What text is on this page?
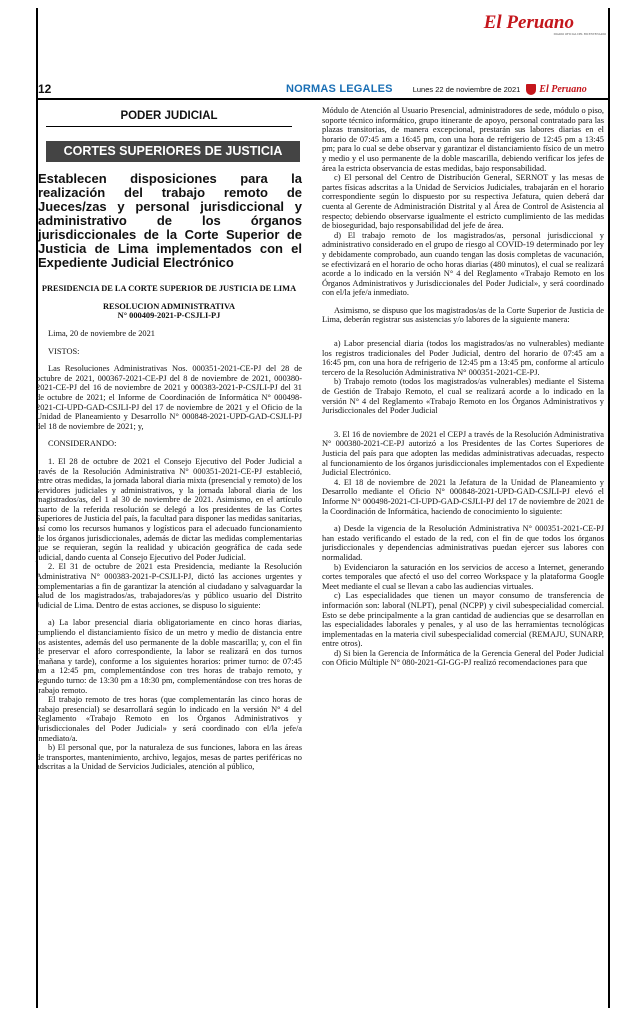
El Peruano
DIARIO OFICIAL DEL BICENTENARIO
12	NORMAS LEGALES	Lunes 22 de noviembre de 2021 El Peruano
PODER JUDICIAL
CORTES SUPERIORES DE JUSTICIA
Establecen disposiciones para la realización del trabajo remoto de Jueces/zas y personal jurisdiccional y administrativo de los órganos jurisdiccionales de la Corte Superior de Justicia de Lima implementados con el Expediente Judicial Electrónico
PRESIDENCIA DE LA CORTE SUPERIOR DE JUSTICIA DE LIMA
RESOLUCION ADMINISTRATIVA
N° 000409-2021-P-CSJLI-PJ
Lima, 20 de noviembre de 2021
VISTOS:
Las Resoluciones Administrativas Nos. 000351-2021-CE-PJ del 28 de octubre de 2021, 000367-2021-CE-PJ del 8 de noviembre de 2021, 000380-2021-CE-PJ del 16 de noviembre de 2021 y 000383-2021-P-CSJLI-PJ del 31 de octubre de 2021; el Informe de Coordinación de Informática N° 000498-2021-CI-UPD-GAD-CSJLI-PJ del 17 de noviembre de 2021 y el Oficio de la Unidad de Planeamiento y Desarrollo N° 000848-2021-UPD-GAD-CSJLI-PJ del 18 de noviembre de 2021; y,
CONSIDERANDO:
1. El 28 de octubre de 2021 el Consejo Ejecutivo del Poder Judicial a través de la Resolución Administrativa N° 000351-2021-CE-PJ estableció, entre otras medidas, la jornada laboral diaria mixta (presencial y remoto) de los servidores judiciales y administrativos, y la jornada laboral diaria de los magistrados/as, del 1 al 30 de noviembre de 2021. Asimismo, en el artículo cuarto de la referida resolución se delegó a los presidentes de las Cortes Superiores de Justicia del país, la facultad para disponer las medidas sanitarias, así como los recursos humanos y logísticos para el adecuado funcionamiento de los órganos jurisdiccionales, además de dictar las medidas complementarias que se requieran, según la realidad y ubicación geográfica de cada sede judicial, dando cuenta al Consejo Ejecutivo del Poder Judicial.
2. El 31 de octubre de 2021 esta Presidencia, mediante la Resolución Administrativa N° 000383-2021-P-CSJLI-PJ, dictó las acciones urgentes y complementarias a fin de garantizar la atención al ciudadano y salvaguardar la salud de los magistrados/as, trabajadores/as y público usuario del Distrito Judicial de Lima. Dentro de estas acciones, se dispuso lo siguiente:
a) La labor presencial diaria obligatoriamente en cinco horas diarias, cumpliendo el distanciamiento físico de un metro y medio de distancia entre los asistentes, además del uso permanente de la doble mascarilla; y, con el fin de preservar el aforo correspondiente, la labor se realizará en dos turnos (mañana y tarde), conforme a los siguientes horarios: primer turno: de 07:45 am a 12:45 pm, complementándose con tres horas de trabajo remoto, y segundo turno: de 13:30 pm a 18:30 pm, complementándose con tres horas de trabajo remoto.
El trabajo remoto de tres horas (que complementarán las cinco horas de trabajo presencial) se desarrollará según lo indicado en la versión N° 4 del Reglamento «Trabajo Remoto en los Órganos Administrativos y Jurisdiccionales del Poder Judicial» y será coordinado con el/la jefe/a inmediato/a.
b) El personal que, por la naturaleza de sus funciones, labora en las áreas de transportes, mantenimiento, archivo, legajos, mesas de partes periféricas no adscritas a la Unidad de Servicios Judiciales, atención al público,
Módulo de Atención al Usuario Presencial, administradores de sede, módulo o piso, soporte técnico informático, grupo itinerante de apoyo, personal contratado para las plazas transitorias, de manera excepcional, prestarán sus labores diarias en el horario de 07:45 am a 16:45 pm, con una hora de refrigerio de 12:45 pm a 13:45 pm; para lo cual se debe observar y garantizar el distanciamiento físico de un metro y medio y el uso permanente de la doble mascarilla, debiendo verificar los jefes de área la estricta observancia de estas medidas, bajo responsabilidad.
c) El personal del Centro de Distribución General, SERNOT y las mesas de partes físicas adscritas a la Unidad de Servicios Judiciales, trabajarán en el horario correspondiente según lo dispuesto por su respectiva Jefatura, quien deberá dar cuenta al Gerente de Administración Distrital y al Área de Control de Asistencia al respecto; debiendo observarse igualmente el estricto cumplimiento de las medidas de bioseguridad, bajo responsabilidad del jefe de área.
d) El trabajo remoto de los magistrados/as, personal jurisdiccional y administrativo considerado en el grupo de riesgo al COVID-19 determinado por ley y debidamente comprobado, aun cuando tengan las dosis completas de vacunación, se efectivizará en el horario de ocho horas diarias (480 minutos), el cual se realizará acorde a lo indicado en la versión N° 4 del Reglamento «Trabajo Remoto en los Órganos Administrativos y Jurisdiccionales del Poder Judicial», y será coordinado con el/la jefe/a inmediato.
Asimismo, se dispuso que los magistrados/as de la Corte Superior de Justicia de Lima, deberán registrar sus asistencias y/o labores de la siguiente manera:
a) Labor presencial diaria (todos los magistrados/as no vulnerables) mediante los registros tradicionales del Poder Judicial, dentro del horario de 07:45 am a 16:45 pm, con una hora de refrigerio de 12:45 pm a 13:45 pm, conforme al artículo tercero de la Resolución Administrativa N° 000351-2021-CE-PJ.
b) Trabajo remoto (todos los magistrados/as vulnerables) mediante el Sistema de Gestión de Trabajo Remoto, el cual se realizará acorde a lo indicado en la versión N° 4 del Reglamento «Trabajo Remoto en los Órganos Administrativos y Jurisdiccionales del Poder Judicial
3. El 16 de noviembre de 2021 el CEPJ a través de la Resolución Administrativa N° 000380-2021-CE-PJ autorizó a los Presidentes de las Cortes Superiores de Justicia del país para que adopten las medidas administrativas adecuadas, respecto al funcionamiento de los órganos jurisdiccionales implementados con el Expediente Judicial Electrónico.
4. El 18 de noviembre de 2021 la Jefatura de la Unidad de Planeamiento y Desarrollo mediante el Oficio N° 000848-2021-UPD-GAD-CSJLI-PJ elevó el Informe N° 000498-2021-CI-UPD-GAD-CSJLI-PJ del 17 de noviembre de 2021 de la Coordinación de Informática, haciendo de conocimiento lo siguiente:
a) Desde la vigencia de la Resolución Administrativa N° 000351-2021-CE-PJ han estado verificando el estado de la red, con el fin de que todos los órganos jurisdiccionales y dependencias administrativas puedan ejercer sus labores con normalidad.
b) Evidenciaron la saturación en los servicios de acceso a Internet, generando cortes temporales que afectó el uso del correo Workspace y la plataforma Google Meet mediante el cual se llevan a cabo las audiencias virtuales.
c) Las especialidades que tienen un mayor consumo de transferencia de información son: laboral (NLPT), penal (NCPP) y civil subespecialidad comercial. Esto se debe principalmente a la gran cantidad de audiencias que se desarrollan en las especialidades laborales y penales, y al uso de las herramientas tecnológicas implementadas en la materia civil subespecialidad comercial (REMAJU, SUNARP, entre otros).
d) Si bien la Gerencia de Informática de la Gerencia General del Poder Judicial con Oficio Múltiple N° 080-2021-GI-GG-PJ realizó recomendaciones para que
